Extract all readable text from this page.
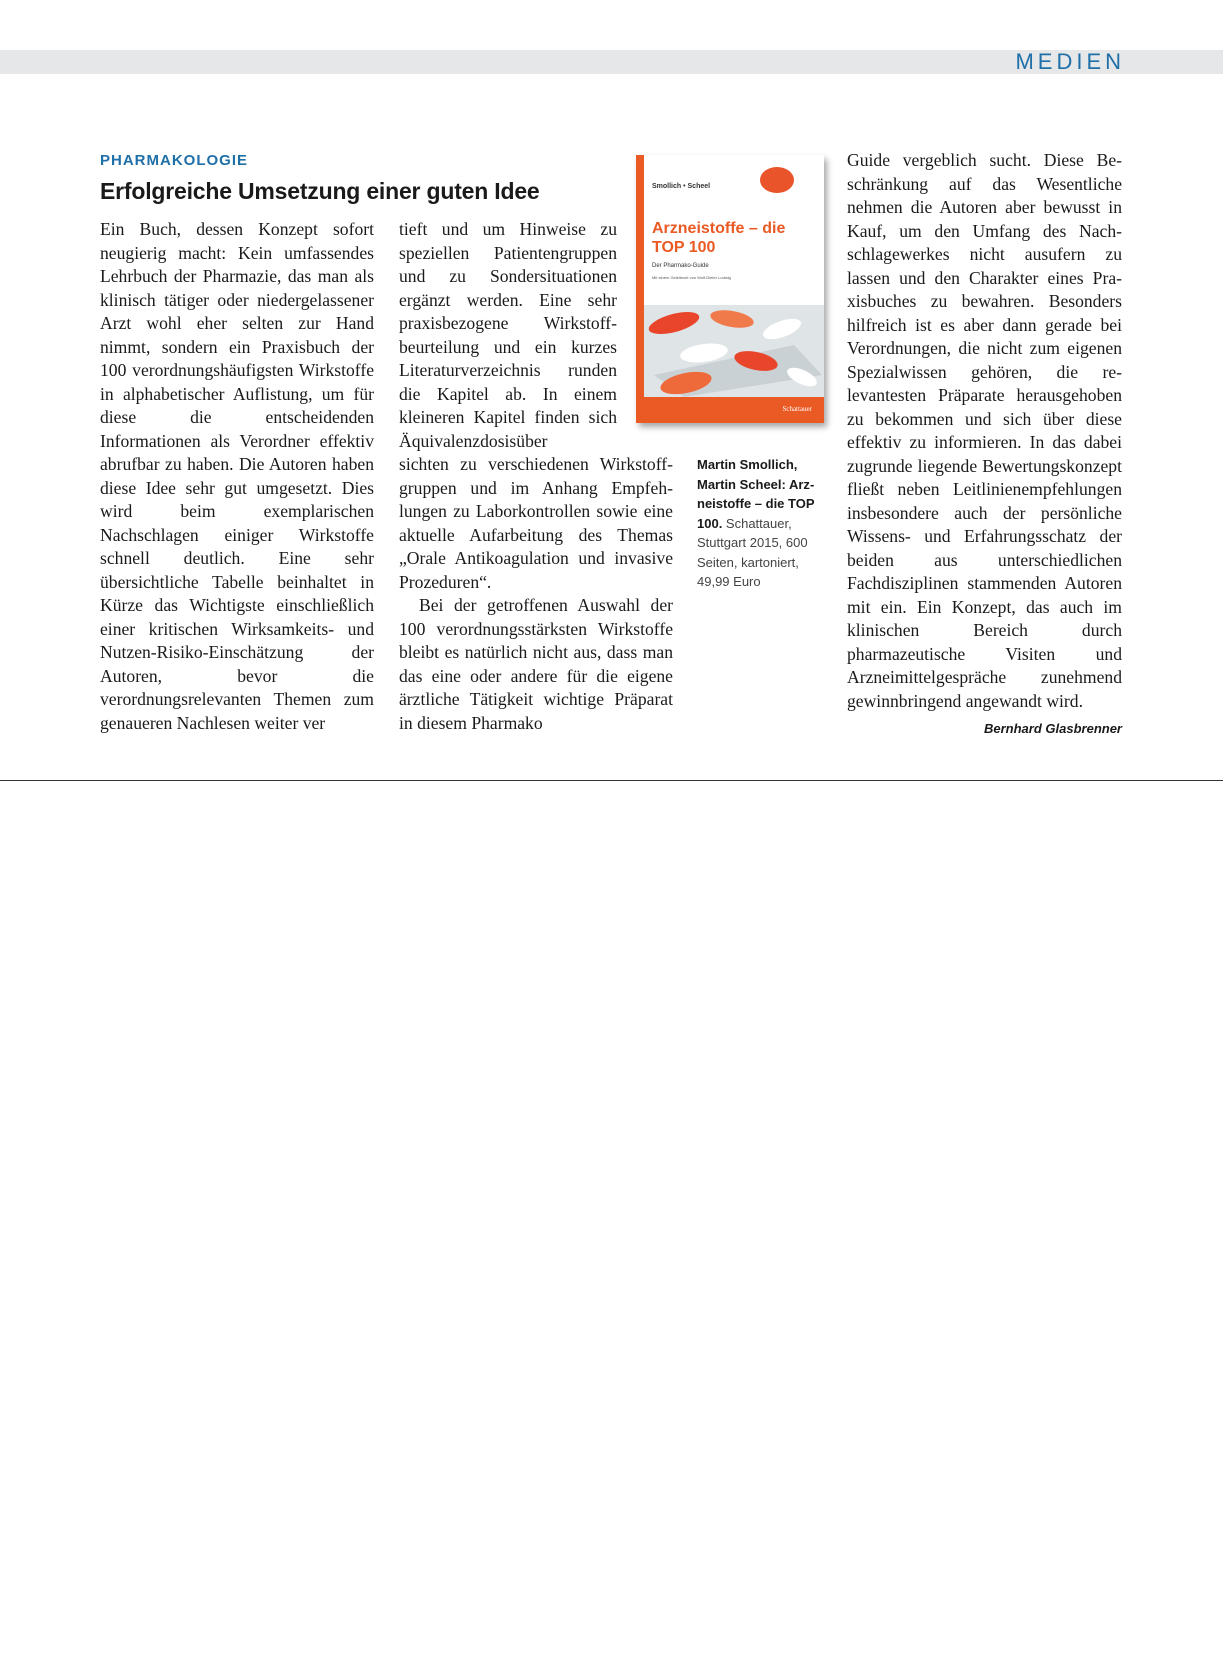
MEDIEN
PHARMAKOLOGIE
Erfolgreiche Umsetzung einer guten Idee

Ein Buch, dessen Konzept sofort neugierig macht: Kein umfassendes Lehrbuch der Pharmazie, das man als klinisch tätiger oder niedergelassener Arzt wohl eher selten zur Hand nimmt, sondern ein Praxisbuch der 100 verordnungshäufigsten Wirkstoffe in alphabetischer Auflistung, um für diese die entscheidenden Informationen als Verordner effektiv abrufbar zu haben. Die Autoren haben diese Idee sehr gut umgesetzt. Dies wird beim exemplarischen Nachschlagen einiger Wirkstoffe schnell deutlich. Eine sehr übersichtliche Tabelle beinhaltet in Kürze das Wichtigste einschließlich einer kritischen Wirksamkeits- und Nutzen-Risiko-Einschätzung der Autoren, bevor die verordnungsrelevanten Themen zum genaueren Nachlesen weiter ver

tieft und um Hinweise zu speziellen Patientengruppen und zu Sondersituationen ergänzt werden. Eine sehr praxisbezogene Wirkstoffbeurteilung und ein kurzes Literaturverzeichnis runden die Kapitel ab. In einem kleineren Kapitel finden sich Äquivalenzdosisüber

sichten zu verschiedenen Wirkstoffgruppen und im Anhang Empfehlungen zu Laborkontrollen sowie eine aktuelle Aufarbeitung des Themas „Orale Antikoagulation und invasive Prozeduren“.

Bei der getroffenen Auswahl der 100 verordnungsstärksten Wirkstoffe bleibt es natürlich nicht aus, dass man das eine oder andere für die eigene ärztliche Tätigkeit wichtige Präparat in diesem Pharmako

Smollich • Scheel
bereit
Arzneistoffe – die TOP 100
Der Pharmako-Guide
Mit einem Geleitwort von Wolf-Dieter Ludwig
Schattauer
Martin Smollich, Martin Scheel: Arzneistoffe – die TOP 100. Schattauer, Stuttgart 2015, 600 Seiten, kartoniert, 49,99 Euro

Guide vergeblich sucht. Diese Beschränkung auf das Wesentliche nehmen die Autoren aber bewusst in Kauf, um den Umfang des Nachschlagewerkes nicht ausufern zu lassen und den Charakter eines Praxisbuches zu bewahren. Besonders hilfreich ist es aber dann gerade bei Verordnungen, die nicht zum eigenen Spezialwissen gehören, die relevantesten Präparate herausgehoben zu bekommen und sich über diese effektiv zu informieren. In das dabei zugrunde liegende Bewertungskonzept fließt neben Leitlinienempfehlungen insbesondere auch der persönliche Wissens- und Erfahrungsschatz der beiden aus unterschiedlichen Fachdisziplinen stammenden Autoren mit ein. Ein Konzept, das auch im klinischen Bereich durch pharmazeutische Visiten und Arzneimittelgespräche zunehmend gewinnbringend angewandt wird.
Bernhard Glasbrenner
